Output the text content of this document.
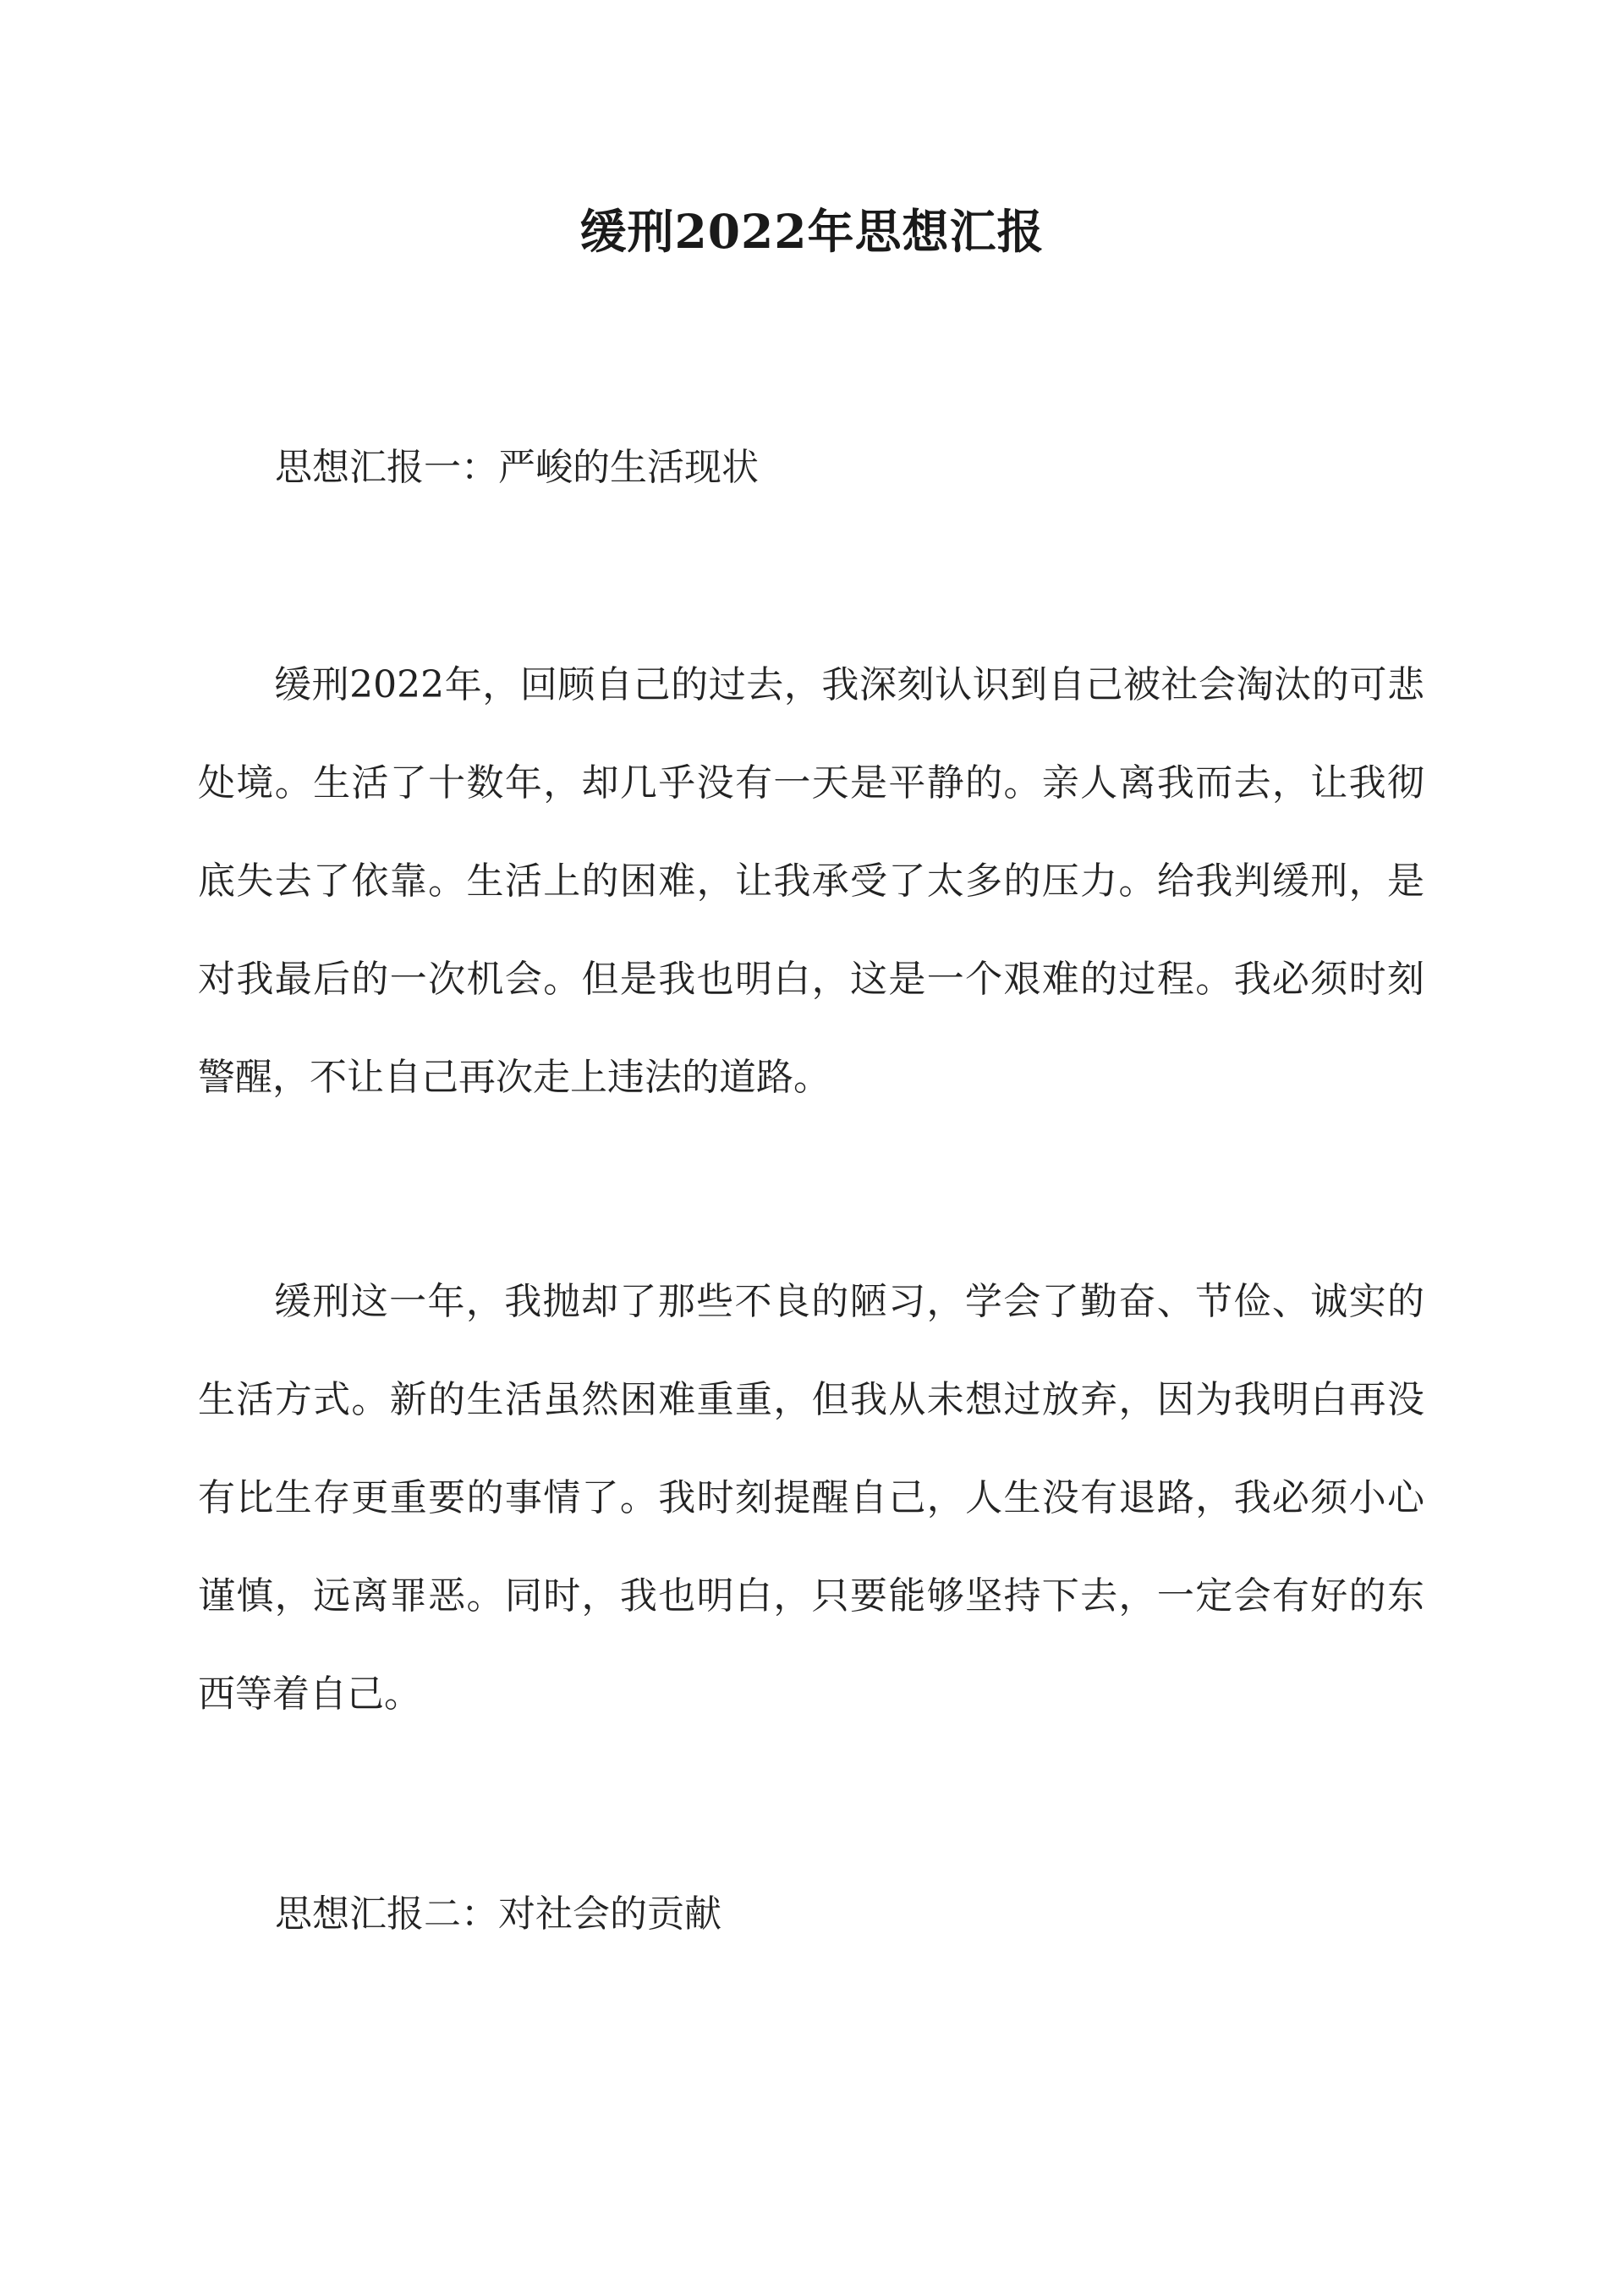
缓刑2022年思想汇报
思想汇报一：严峻的生活现状

缓刑2022年，回顾自己的过去，我深刻认识到自己被社会淘汰的可悲处境。生活了十数年，却几乎没有一天是平静的。亲人离我而去，让我彻底失去了依靠。生活上的困难，让我承受了太多的压力。给我判缓刑，是对我最后的一次机会。但是我也明白，这是一个艰难的过程。我必须时刻警醒，不让自己再次走上违法的道路。

缓刑这一年，我抛却了那些不良的陋习，学会了勤奋、节俭、诚实的生活方式。新的生活虽然困难重重，但我从未想过放弃，因为我明白再没有比生存更重要的事情了。我时刻提醒自己，人生没有退路，我必须小心谨慎，远离罪恶。同时，我也明白，只要能够坚持下去，一定会有好的东西等着自己。

思想汇报二：对社会的贡献
